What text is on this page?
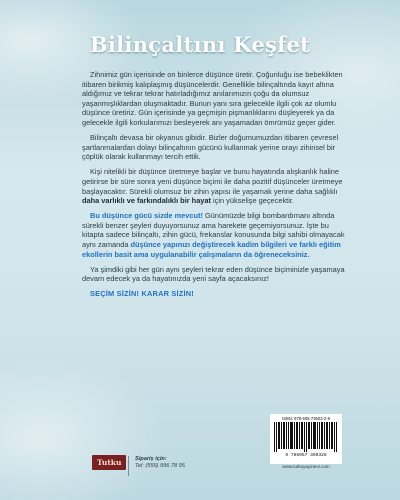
Bilinçaltını Keşfet

Zihnimiz gün içerisinde on binlerce düşünce üretir. Çoğunluğu ise bebeklikten itibaren birikmiş kalıplaşmış düşüncelerdir. Genellikle bilinçaltında kayıt altına aldığımız ve tekrar tekrar hatırladığımız anılarımızın çoğu da olumsuz yaşanmışlıklardan oluşmaktadır. Bunun yanı sıra gelecekle ilgili çok az olumlu düşünce üretiriz. Gün içerisinde ya geçmişin pişmanlıklarını düşleyerek ya da gelecekle ilgili korkularımızı besleyerek anı yaşamadan ömrümüz geçer gider.

Bilinçaltı devasa bir okyanus gibidir. Bizler doğumumuzdan itibaren çevresel şartlanmalardan dolayı bilinçaltının gücünü kullanmak yerine orayı zihinsel bir çöplük olarak kullanmayı tercih ettik.

Kişi nitelikli bir düşünce üretmeye başlar ve bunu hayatında alışkanlık haline getirirse bir süre sonra yeni düşünce biçimi ile daha pozitif düşünceler üretmeye başlayacaktır. Sürekli olumsuz bir zihin yapısı ile yaşamak yerine daha sağlıklı daha varlıklı ve farkındalıklı bir hayat için yükselişe geçecektir.

Bu düşünce gücü sizde mevcut! Günümüzde bilgi bombardımanı altında sürekli benzer şeyleri duyuyorsunuz ama harekete geçemiyorsunuz. İşte bu kitapta sadece bilinçaltı, zihin gücü, frekanslar konusunda bilgi sahibi olmayacak aynı zamanda düşünce yapınızı değiştirecek kadim bilgileri ve farklı eğitim ekollerin basit ama uygulanabilir çalışmaların da öğreneceksiniz.

Ya şimdiki gibi her gün aynı şeyleri tekrar eden düşünce biçiminizle yaşamaya devam edecek ya da hayatınızda yeni sayfa açacaksınız!

SEÇİM SİZİN! KARAR SİZİN!

Tutku	Sipariş için:
Tel: (555) 996 78 95
ISBN: 978-605-73603-2-8
9 786057 360328
www.tutkuyayinevi.com
